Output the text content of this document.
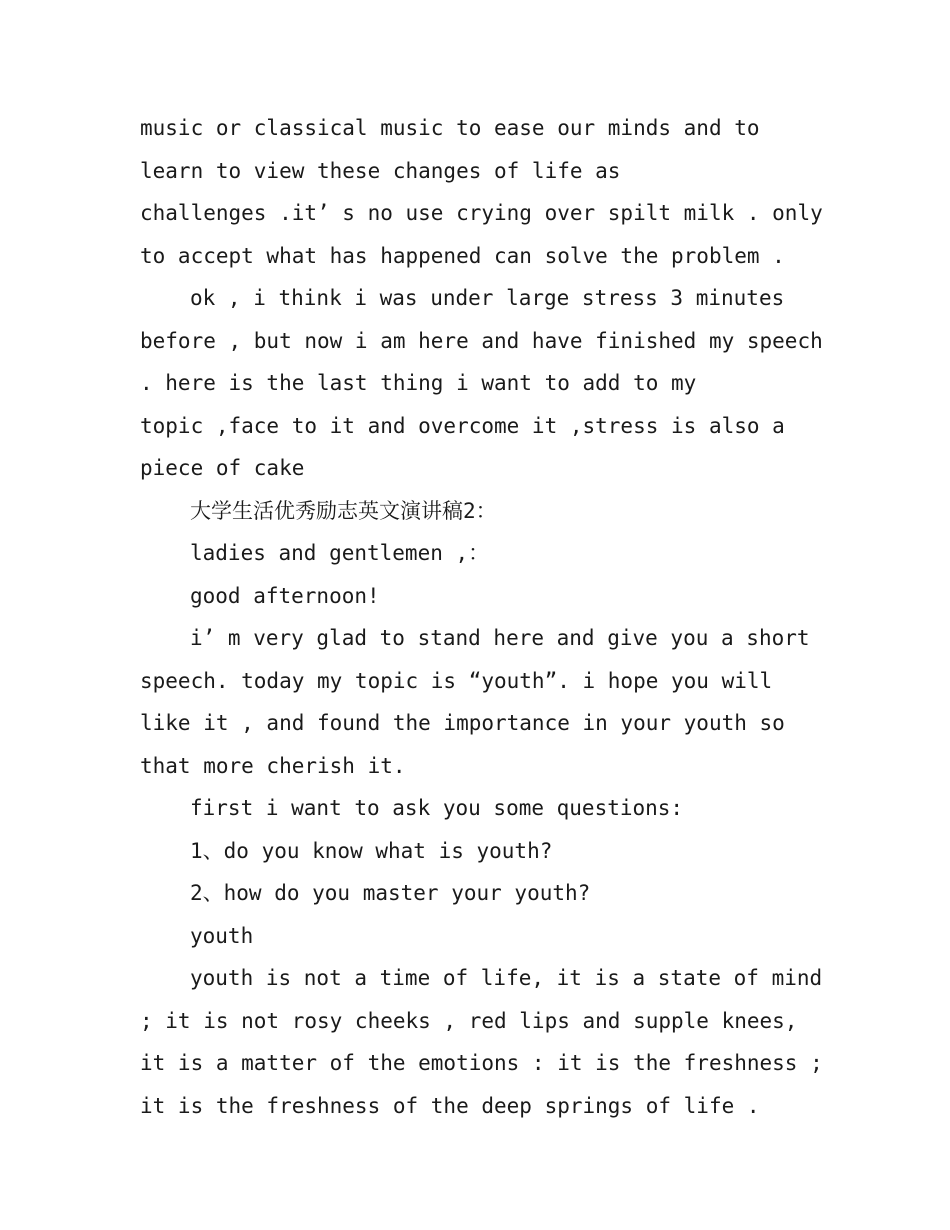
music or classical music to ease our minds and to
learn to view these changes of life as
challenges .it’ s no use crying over spilt milk . only
to accept what has happened can solve the problem .
ok , i think i was under large stress 3 minutes
before , but now i am here and have finished my speech
. here is the last thing i want to add to my
topic ,face to it and overcome it ,stress is also a
piece of cake
大学生活优秀励志英文演讲稿2：
ladies and gentlemen ,：
good afternoon!
i’ m very glad to stand here and give you a short
speech. today my topic is “youth”. i hope you will
like it , and found the importance in your youth so
that more cherish it.
first i want to ask you some questions:
1、do you know what is youth?
2、how do you master your youth?
youth
youth is not a time of life, it is a state of mind
; it is not rosy cheeks , red lips and supple knees,
it is a matter of the emotions : it is the freshness ;
it is the freshness of the deep springs of life .
